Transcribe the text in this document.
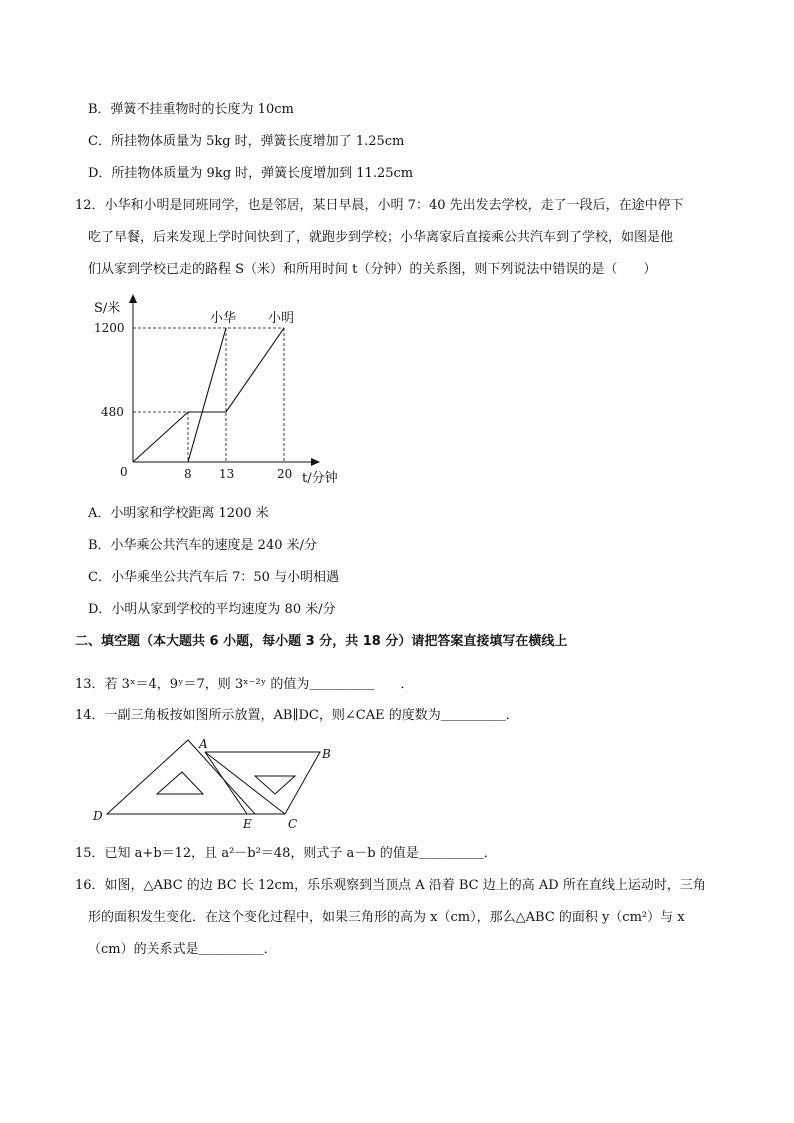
B．弹簧不挂重物时的长度为 10cm
C．所挂物体质量为 5kg 时，弹簧长度增加了 1.25cm
D．所挂物体质量为 9kg 时，弹簧长度增加到 11.25cm
12．小华和小明是同班同学，也是邻居，某日早晨，小明 7：40 先出发去学校，走了一段后，在途中停下
吃了早餐，后来发现上学时间快到了，就跑步到学校；小华离家后直接乘公共汽车到了学校，如图是他
们从家到学校已走的路程 S（米）和所用时间 t（分钟）的关系图，则下列说法中错误的是（　　）
S/米
t/分钟
0
480
1200
8 13	20
小华 小明
A．小明家和学校距离 1200 米
B．小华乘公共汽车的速度是 240 米/分
C．小华乘坐公共汽车后 7：50 与小明相遇
D．小明从家到学校的平均速度为 80 米/分
二、填空题（本大题共 6 小题，每小题 3 分，共 18 分）请把答案直接填写在横线上
13．若 3ˣ＝4，9ʸ＝7，则 3ˣ⁻²ʸ 的值为＿＿＿＿＿　　．
14．一副三角板按如图所示放置，AB∥DC，则∠CAE 的度数为＿＿＿＿＿．
A
B
C
D
E
15．已知 a+b＝12，且 a²－b²＝48，则式子 a－b 的值是＿＿＿＿＿．
16．如图，△ABC 的边 BC 长 12cm，乐乐观察到当顶点 A 沿着 BC 边上的高 AD 所在直线上运动时，三角
形的面积发生变化．在这个变化过程中，如果三角形的高为 x（cm），那么△ABC 的面积 y（cm²）与 x
（cm）的关系式是＿＿＿＿＿．
